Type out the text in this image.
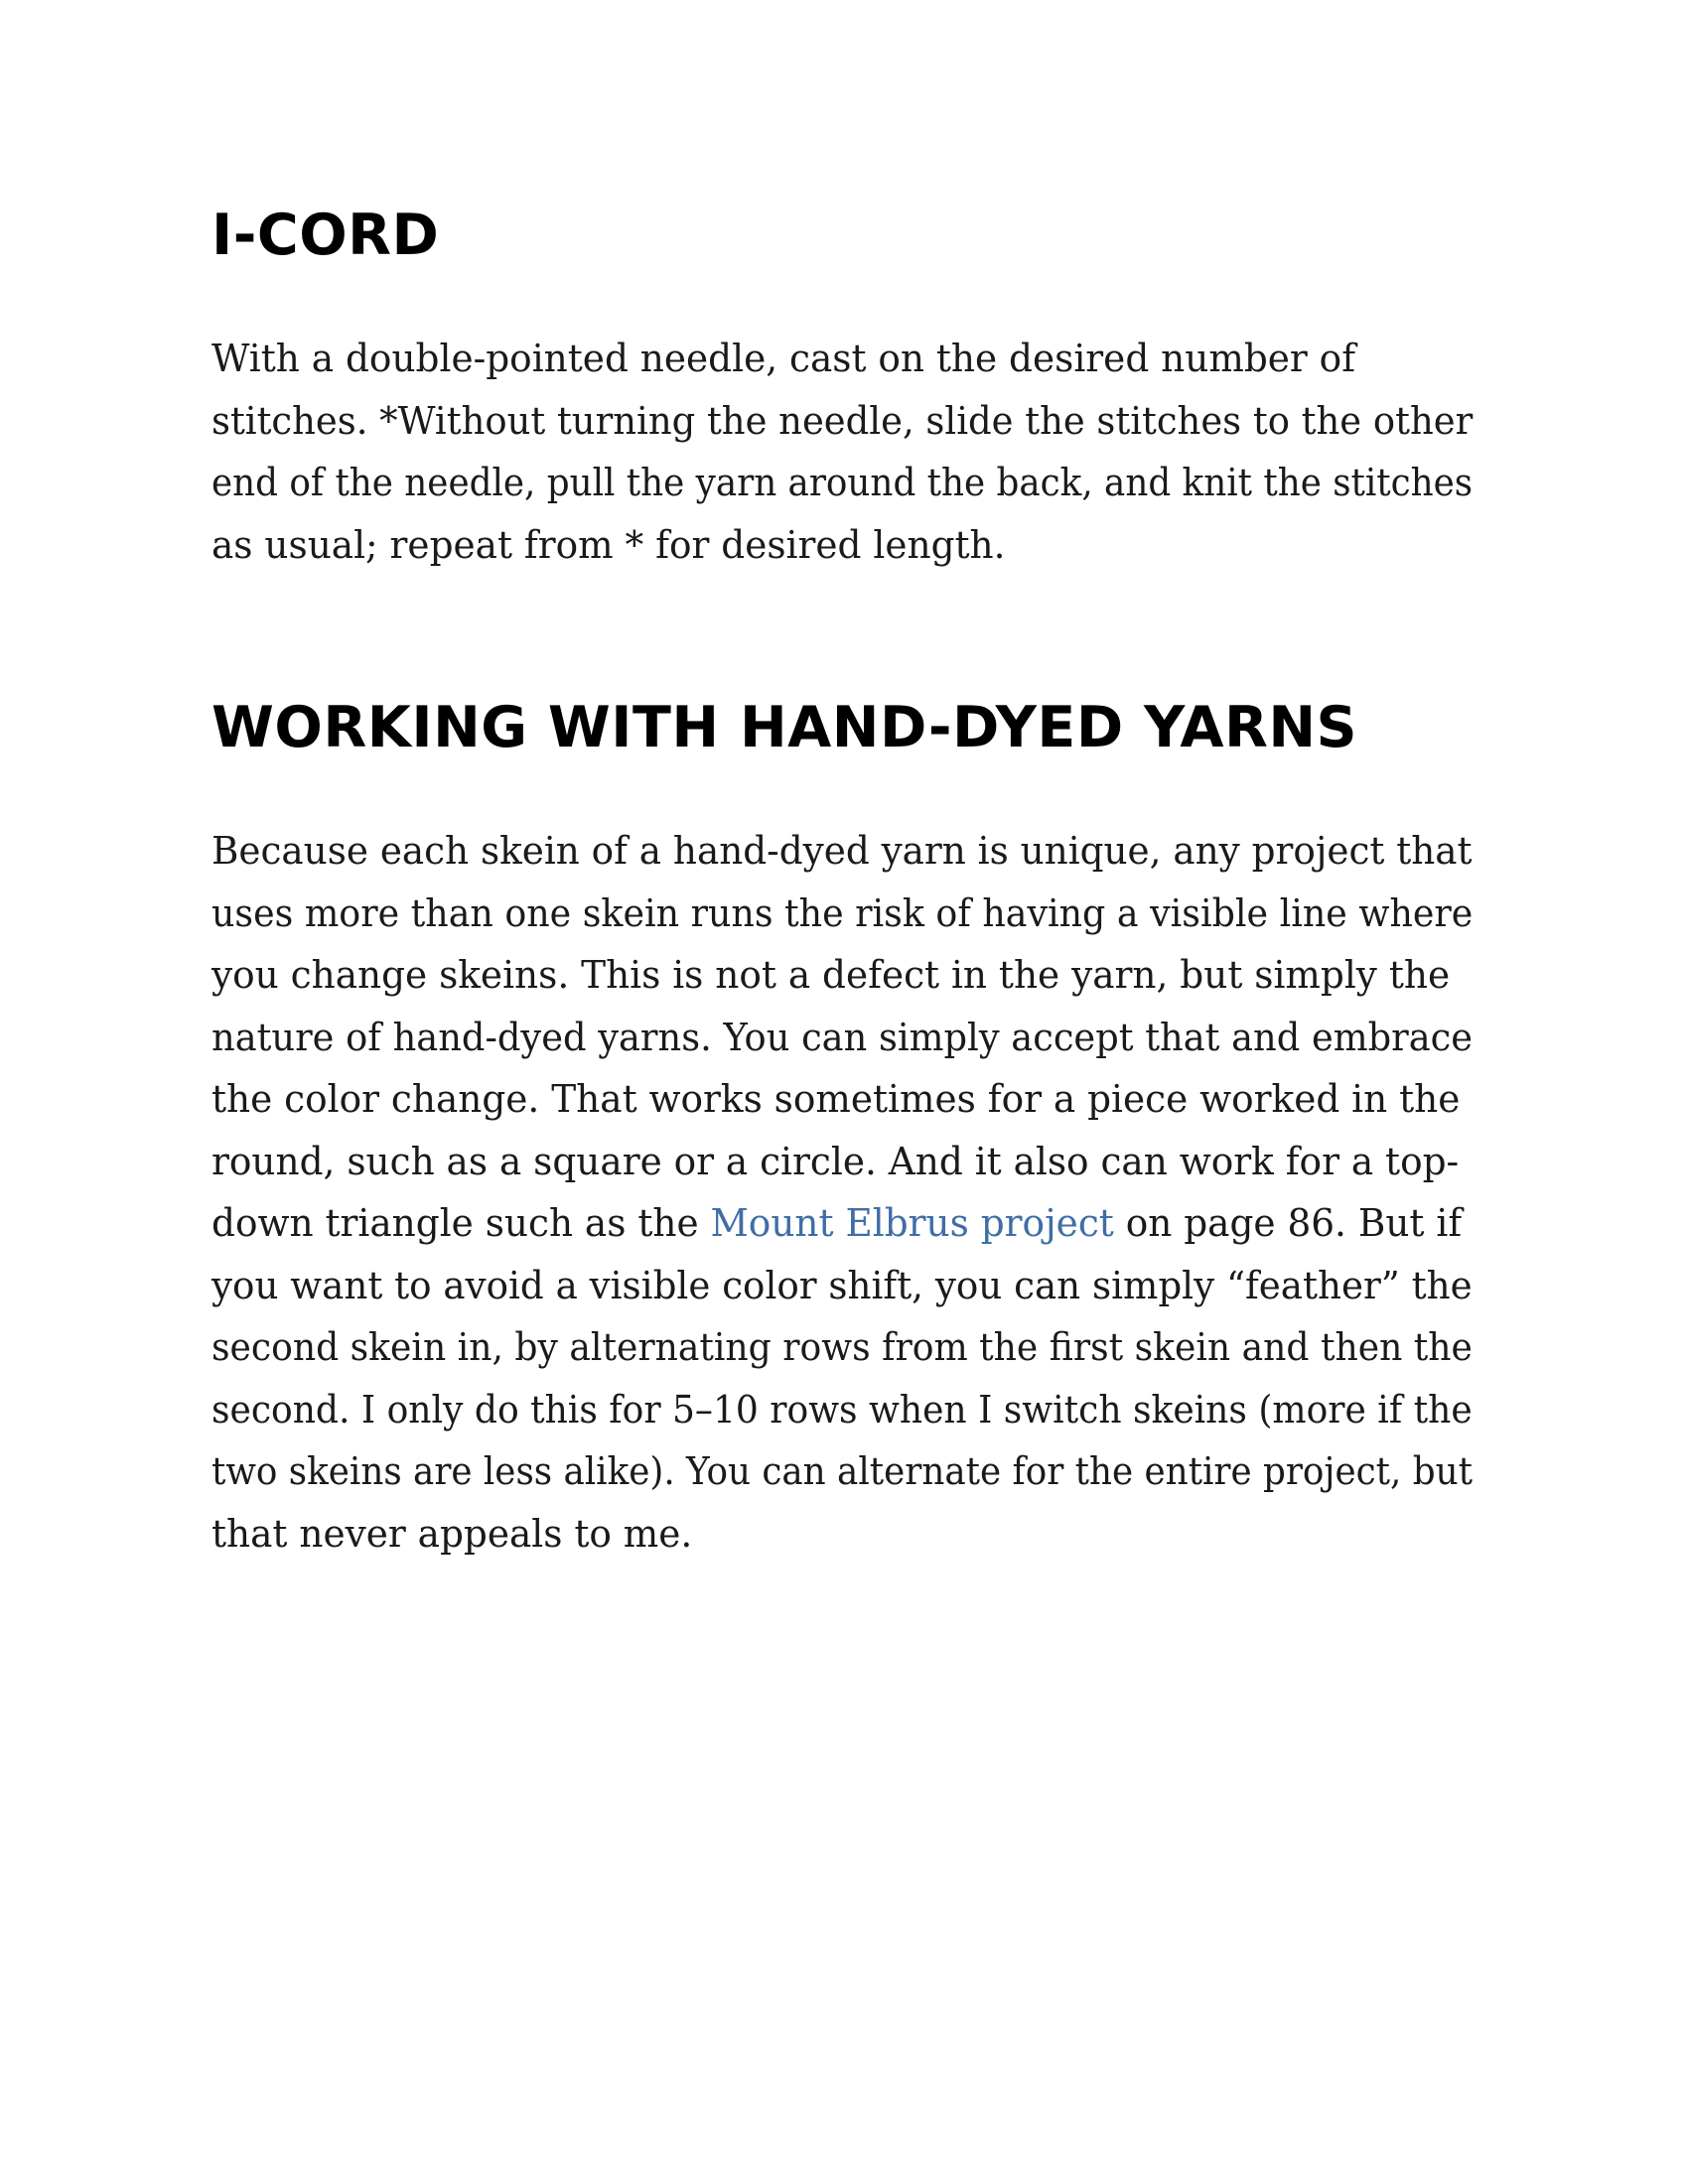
I-CORD

With a double-pointed needle, cast on the desired number of
stitches. *Without turning the needle, slide the stitches to the other
end of the needle, pull the yarn around the back, and knit the stitches
as usual; repeat from * for desired length.

WORKING WITH HAND-DYED YARNS

Because each skein of a hand-dyed yarn is unique, any project that
uses more than one skein runs the risk of having a visible line where
you change skeins. This is not a defect in the yarn, but simply the
nature of hand-dyed yarns. You can simply accept that and embrace
the color change. That works sometimes for a piece worked in the
round, such as a square or a circle. And it also can work for a top-
down triangle such as the Mount Elbrus project on page 86. But if
you want to avoid a visible color shift, you can simply “feather” the
second skein in, by alternating rows from the first skein and then the
second. I only do this for 5–10 rows when I switch skeins (more if the
two skeins are less alike). You can alternate for the entire project, but
that never appeals to me.
